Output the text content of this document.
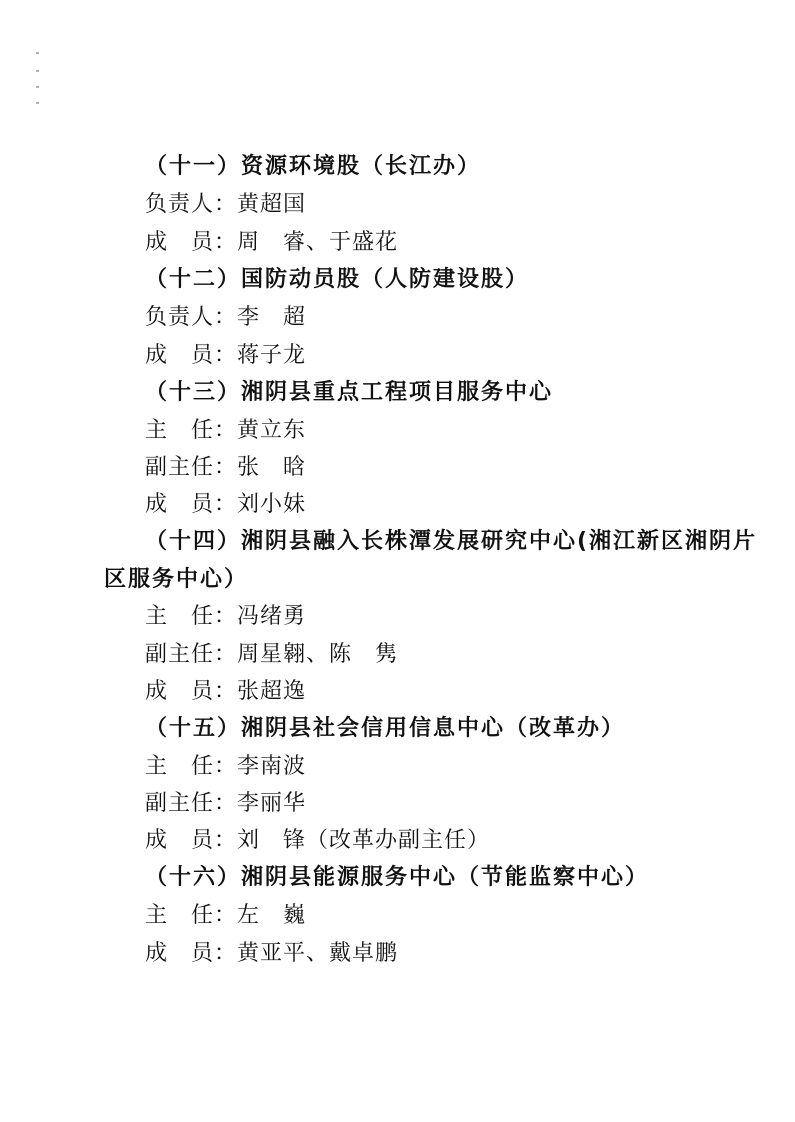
（十一）资源环境股（长江办）
负责人：黄超国
成　员：周　睿、于盛花
（十二）国防动员股（人防建设股）
负责人：李　超
成　员：蒋子龙
（十三）湘阴县重点工程项目服务中心
主　任：黄立东
副主任：张　晗
成　员：刘小妹
（十四）湘阴县融入长株潭发展研究中心(湘江新区湘阴片
区服务中心）
主　任：冯绪勇
副主任：周星翱、陈　隽
成　员：张超逸
（十五）湘阴县社会信用信息中心（改革办）
主　任：李南波
副主任：李丽华
成　员：刘　锋（改革办副主任）
（十六）湘阴县能源服务中心（节能监察中心）
主　任：左　巍
成　员：黄亚平、戴卓鹏
